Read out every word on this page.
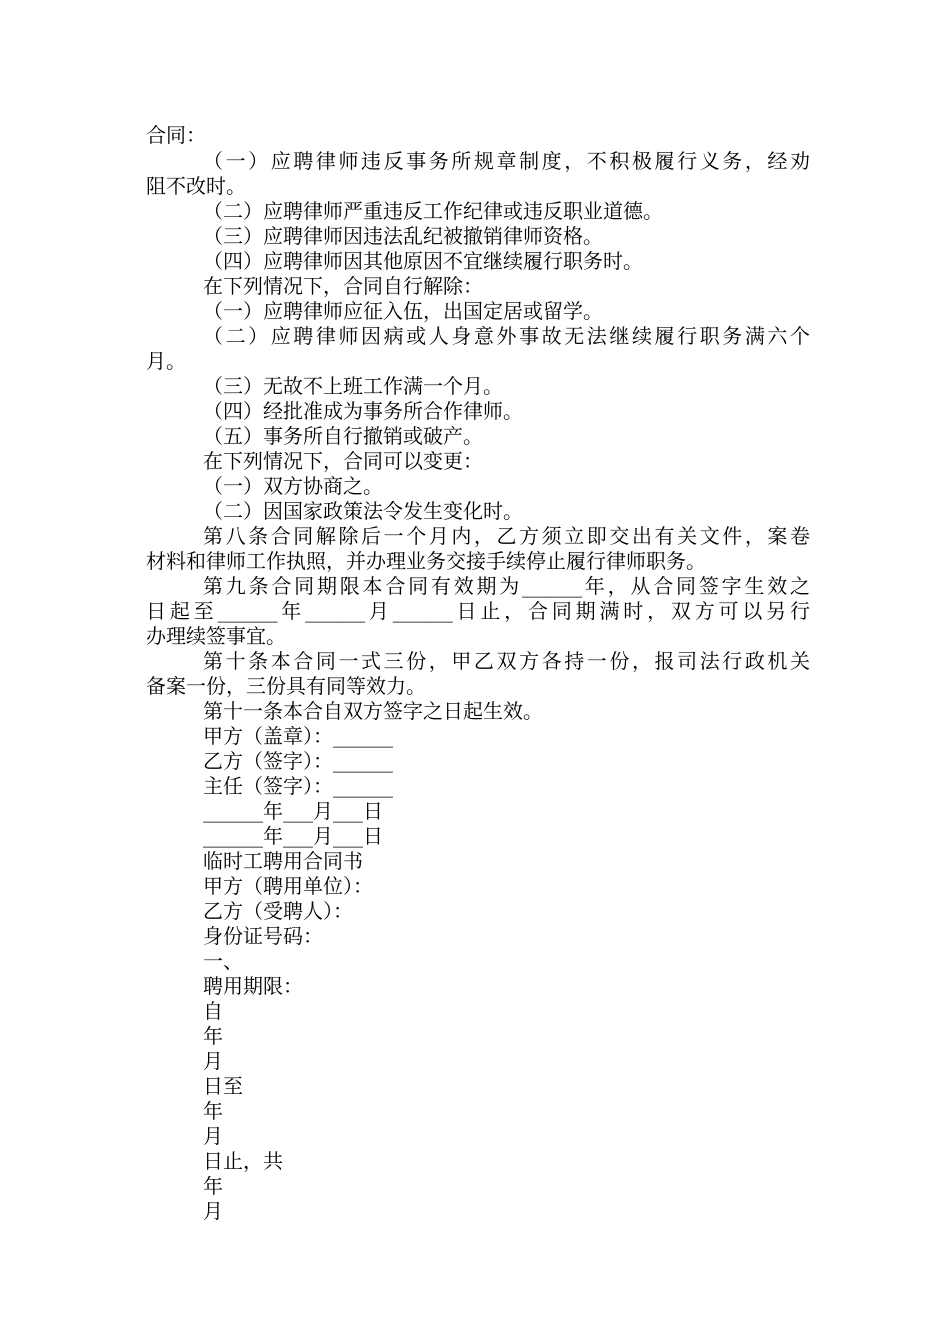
合同：
（一）应聘律师违反事务所规章制度，不积极履行义务，经劝
阻不改时。
（二）应聘律师严重违反工作纪律或违反职业道德。
（三）应聘律师因违法乱纪被撤销律师资格。
（四）应聘律师因其他原因不宜继续履行职务时。
在下列情况下，合同自行解除：
（一）应聘律师应征入伍，出国定居或留学。
（二）应聘律师因病或人身意外事故无法继续履行职务满六个
月。
（三）无故不上班工作满一个月。
（四）经批准成为事务所合作律师。
（五）事务所自行撤销或破产。
在下列情况下，合同可以变更：
（一）双方协商之。
（二）因国家政策法令发生变化时。
第八条合同解除后一个月内，乙方须立即交出有关文件，案卷
材料和律师工作执照，并办理业务交接手续停止履行律师职务。
第九条合同期限本合同有效期为______年，从合同签字生效之
日起至______年______月______日止，合同期满时，双方可以另行
办理续签事宜。
第十条本合同一式三份，甲乙双方各持一份，报司法行政机关
备案一份，三份具有同等效力。
第十一条本合自双方签字之日起生效。
甲方（盖章）：______
乙方（签字）：______
主任（签字）：______
______年___月___日
______年___月___日
临时工聘用合同书
甲方（聘用单位）：
乙方（受聘人）：
身份证号码：
一、
聘用期限：
自
年
月
日至
年
月
日止，共
年
月
